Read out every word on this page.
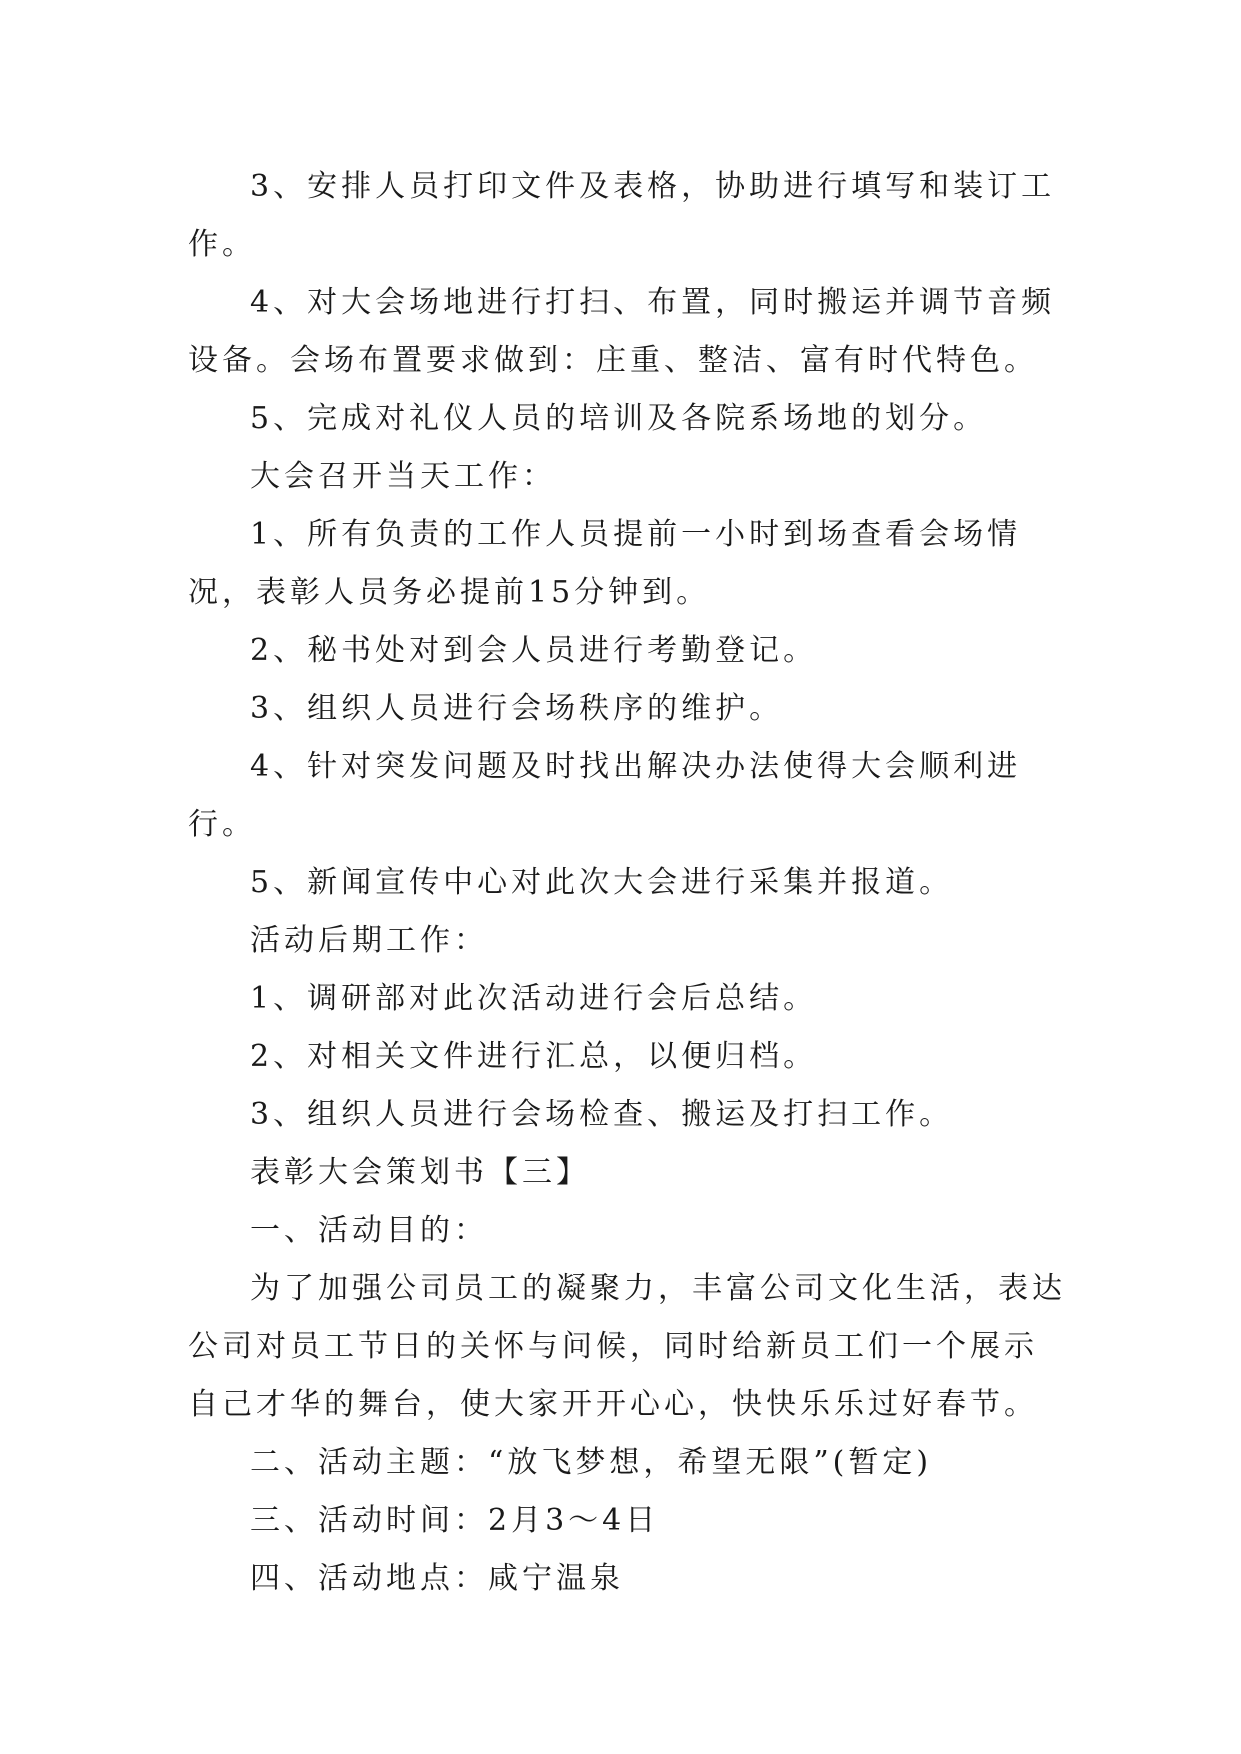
3、安排人员打印文件及表格，协助进行填写和装订工作。

4、对大会场地进行打扫、布置，同时搬运并调节音频设备。会场布置要求做到：庄重、整洁、富有时代特色。

5、完成对礼仪人员的培训及各院系场地的划分。

大会召开当天工作：

1、所有负责的工作人员提前一小时到场查看会场情况，表彰人员务必提前15分钟到。

2、秘书处对到会人员进行考勤登记。

3、组织人员进行会场秩序的维护。

4、针对突发问题及时找出解决办法使得大会顺利进行。

5、新闻宣传中心对此次大会进行采集并报道。

活动后期工作：

1、调研部对此次活动进行会后总结。

2、对相关文件进行汇总，以便归档。

3、组织人员进行会场检查、搬运及打扫工作。

表彰大会策划书【三】

一、活动目的：

为了加强公司员工的凝聚力，丰富公司文化生活，表达公司对员工节日的关怀与问候，同时给新员工们一个展示自己才华的舞台，使大家开开心心，快快乐乐过好春节。

二、活动主题：“放飞梦想，希望无限”(暂定)

三、活动时间：2月3～4日

四、活动地点：咸宁温泉
